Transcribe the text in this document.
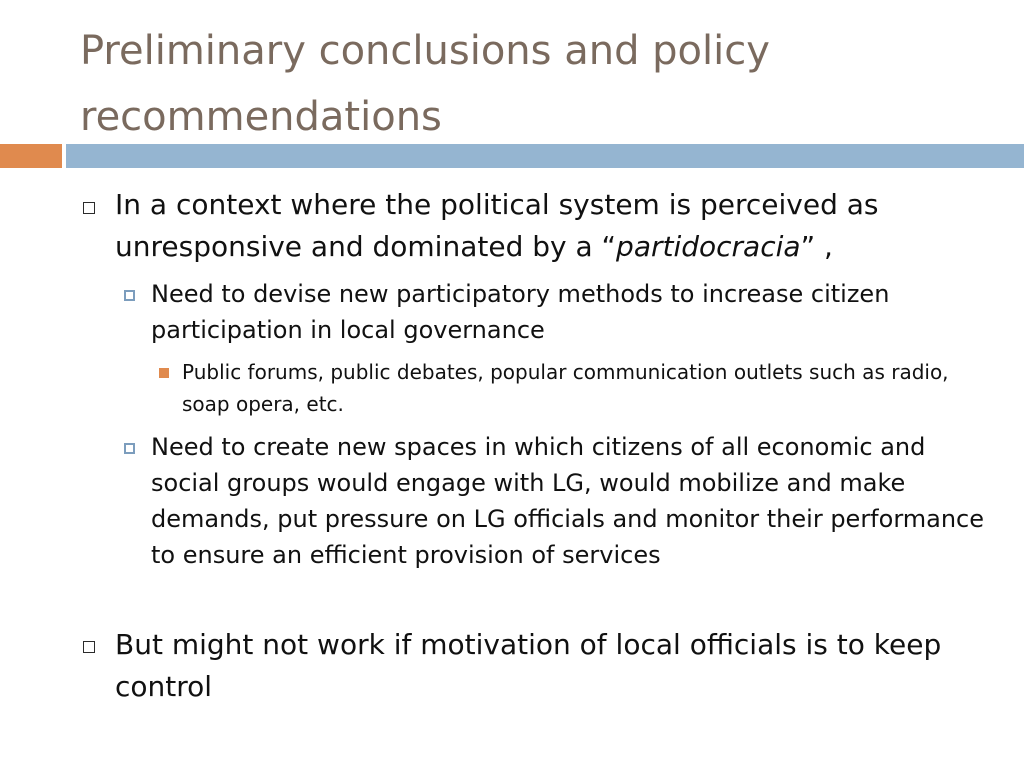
Preliminary conclusions and policy recommendations
In a context where the political system is perceived as unresponsive and dominated by a “partidocracia” ,
Need to devise new participatory methods to increase citizen participation in local governance
Public forums, public debates, popular communication outlets such as radio, soap opera, etc.
Need to create new spaces in which citizens of all economic and social groups would engage with LG, would mobilize and make demands, put pressure on LG officials and monitor their performance to ensure an efficient provision of services
But might not work if motivation of local officials is to keep control
